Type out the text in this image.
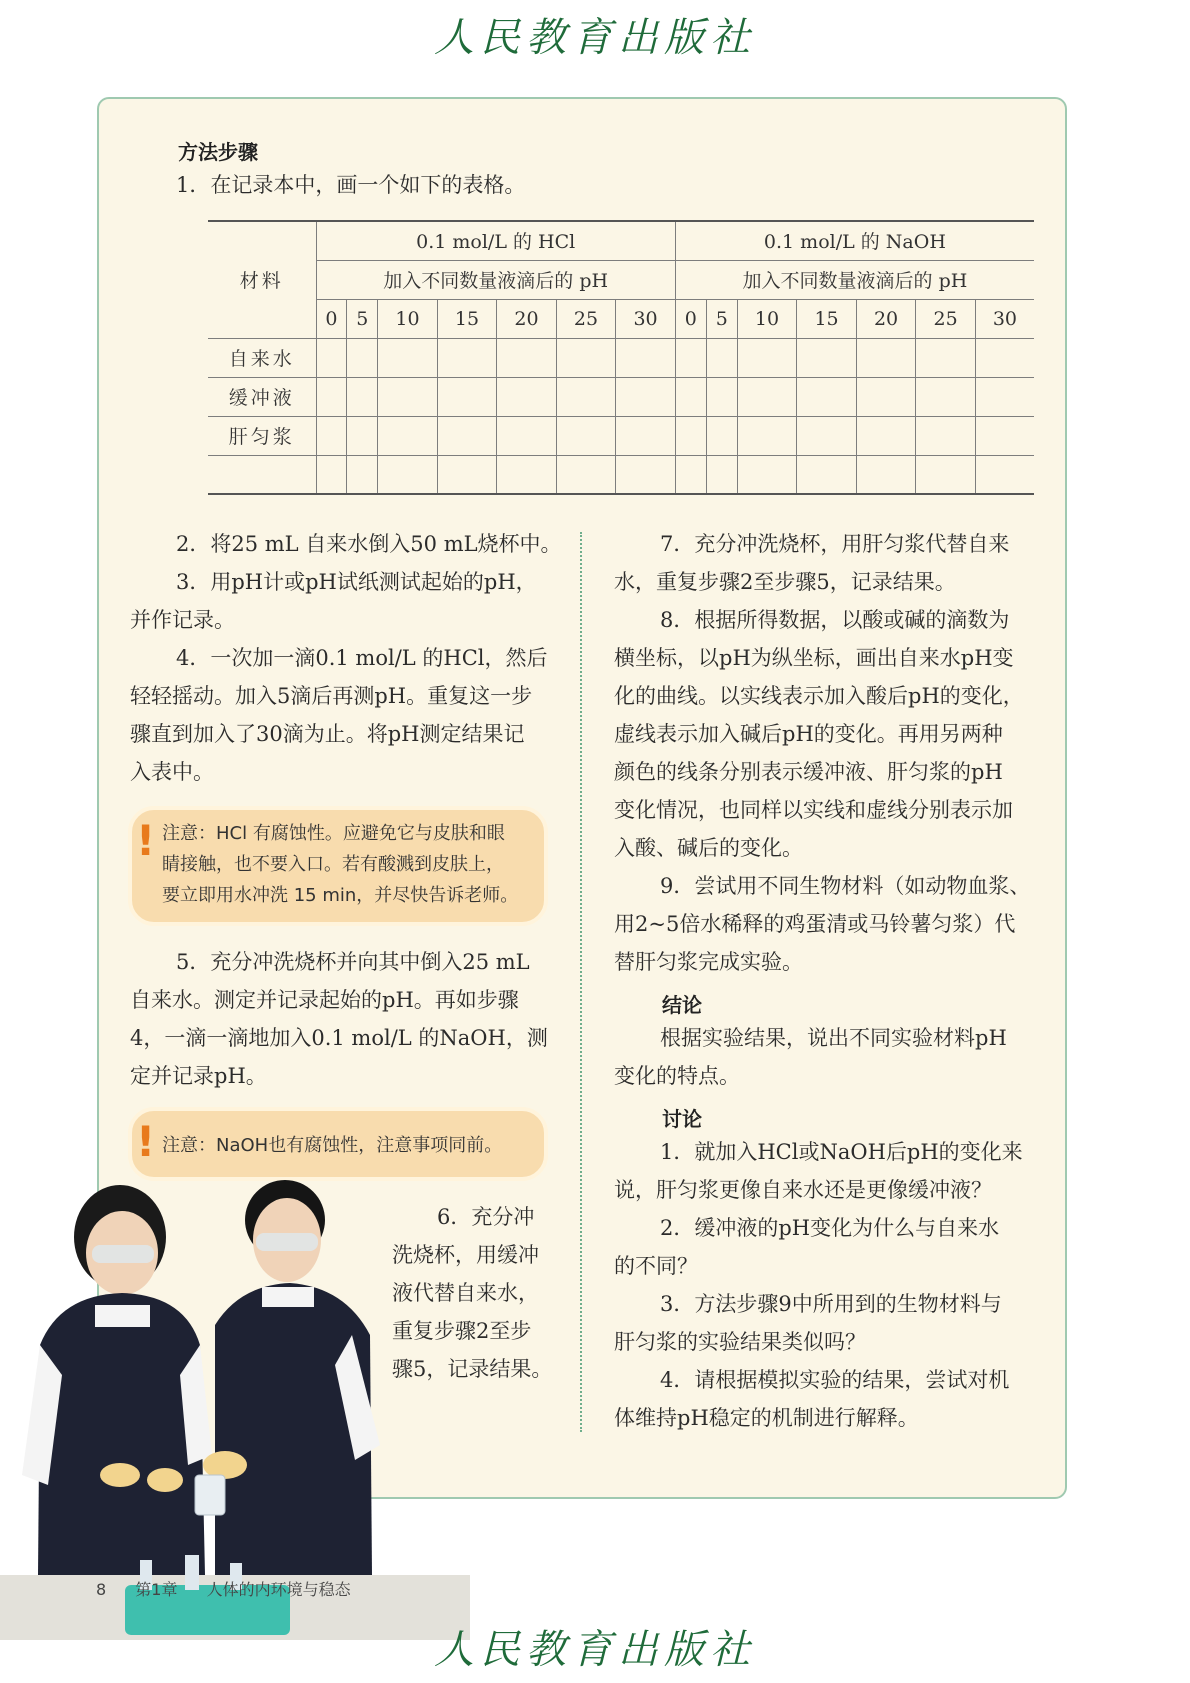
人民教育出版社
方法步骤
1．在记录本中，画一个如下的表格。
材料	0.1 mol/L 的 HCl							0.1 mol/L 的 NaOH						
	加入不同数量液滴后的 pH							加入不同数量液滴后的 pH						
	0	5	10	15	20	25	30	0	5	10	15	20	25	30
自来水														
缓冲液														
肝匀浆														

2．将25 mL 自来水倒入50 mL烧杯中。
3．用pH计或pH试纸测试起始的pH，
并作记录。
4．一次加一滴0.1 mol/L 的HCl，然后
轻轻摇动。加入5滴后再测pH。重复这一步
骤直到加入了30滴为止。将pH测定结果记
入表中。
! 注意：HCl 有腐蚀性。应避免它与皮肤和眼
睛接触，也不要入口。若有酸溅到皮肤上，
要立即用水冲洗 15 min，并尽快告诉老师。
5．充分冲洗烧杯并向其中倒入25 mL
自来水。测定并记录起始的pH。再如步骤
4，一滴一滴地加入0.1 mol/L 的NaOH，测
定并记录pH。
! 注意：NaOH也有腐蚀性，注意事项同前。
6．充分冲
洗烧杯，用缓冲
液代替自来水，
重复步骤2至步
骤5，记录结果。
7．充分冲洗烧杯，用肝匀浆代替自来
水，重复步骤2至步骤5，记录结果。
8．根据所得数据，以酸或碱的滴数为
横坐标，以pH为纵坐标，画出自来水pH变
化的曲线。以实线表示加入酸后pH的变化，
虚线表示加入碱后pH的变化。再用另两种
颜色的线条分别表示缓冲液、肝匀浆的pH
变化情况，也同样以实线和虚线分别表示加
入酸、碱后的变化。
9．尝试用不同生物材料（如动物血浆、
用2~5倍水稀释的鸡蛋清或马铃薯匀浆）代
替肝匀浆完成实验。
结论
根据实验结果，说出不同实验材料pH
变化的特点。
讨论
1．就加入HCl或NaOH后pH的变化来
说，肝匀浆更像自来水还是更像缓冲液？
2．缓冲液的pH变化为什么与自来水
的不同？
3．方法步骤9中所用到的生物材料与
肝匀浆的实验结果类似吗？
4．请根据模拟实验的结果，尝试对机
体维持pH稳定的机制进行解释。
8 第1章 人体的内环境与稳态
人民教育出版社
